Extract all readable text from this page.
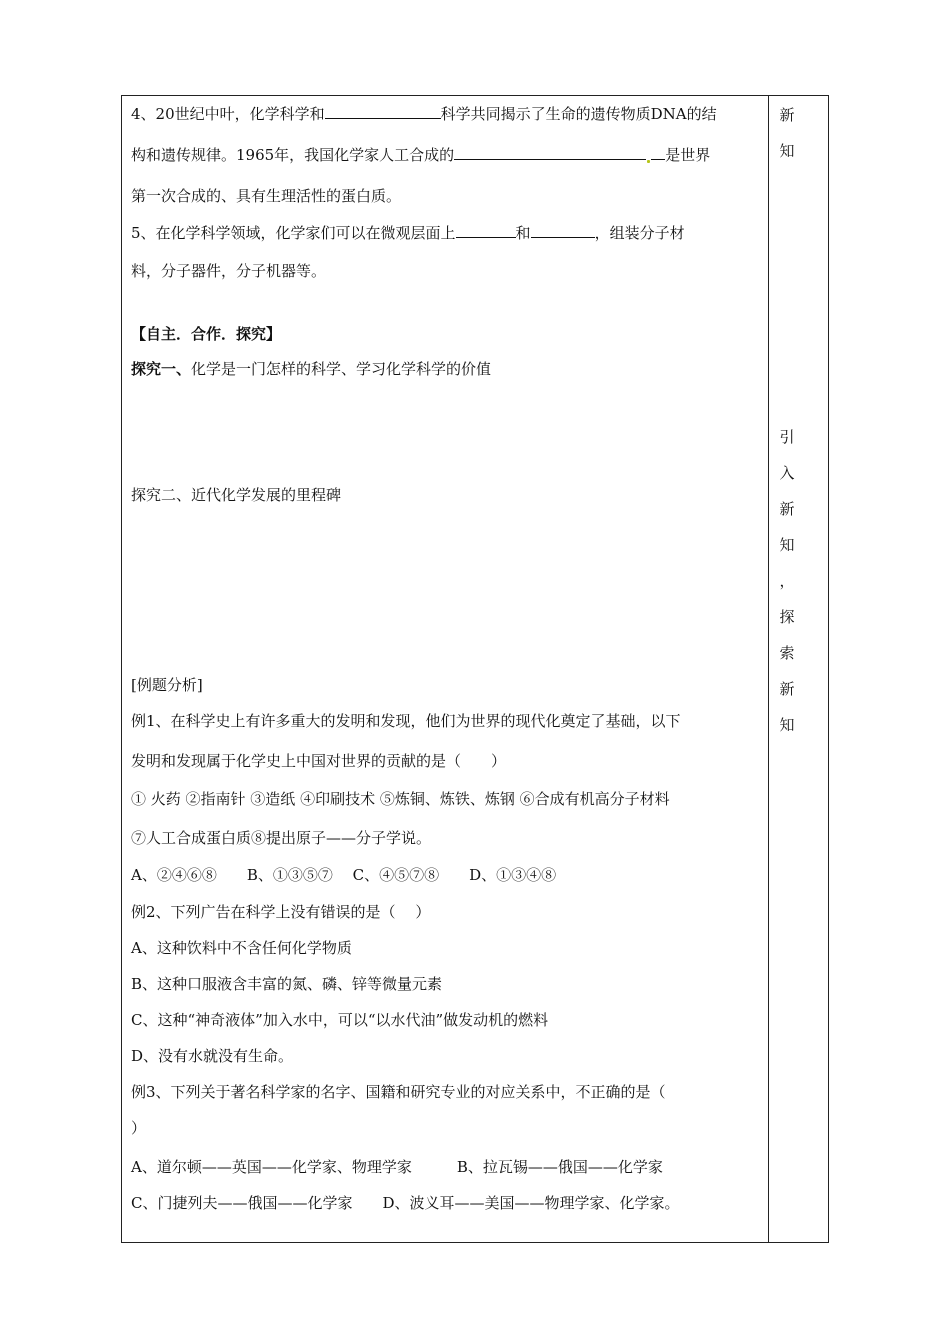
4、20世纪中叶，化学科学和	科学共同揭示了生命的遗传物质DNA的结
构和遗传规律。1965年，我国化学家人工合成的	是世界
第一次合成的、具有生理活性的蛋白质。
5、在化学科学领域，化学家们可以在微观层面上	和	，组装分子材
料，分子器件，分子机器等。
【自主．合作．探究】
探究一、化学是一门怎样的科学、学习化学科学的价值
探究二、近代化学发展的里程碑
[例题分析]
例1、在科学史上有许多重大的发明和发现，他们为世界的现代化奠定了基础，以下
发明和发现属于化学史上中国对世界的贡献的是（　　）
① 火药 ②指南针 ③造纸 ④印刷技术 ⑤炼铜、炼铁、炼钢 ⑥合成有机高分子材料
⑦人工合成蛋白质⑧提出原子——分子学说。
A、②④⑥⑧　　B、①③⑤⑦ 　C、④⑤⑦⑧　　D、①③④⑧
例2、下列广告在科学上没有错误的是（　 ）
A、这种饮料中不含任何化学物质
B、这种口服液含丰富的氮、磷、锌等微量元素
C、这种“神奇液体”加入水中，可以“以水代油”做发动机的燃料
D、没有水就没有生命。
例3、下列关于著名科学家的名字、国籍和研究专业的对应关系中，不正确的是（
）
A、道尔顿——英国——化学家、物理学家　　　B、拉瓦锡——俄国——化学家
C、门捷列夫——俄国——化学家　　D、波义耳——美国——物理学家、化学家。
新
知
引
入
新
知
，
探
索
新
知
